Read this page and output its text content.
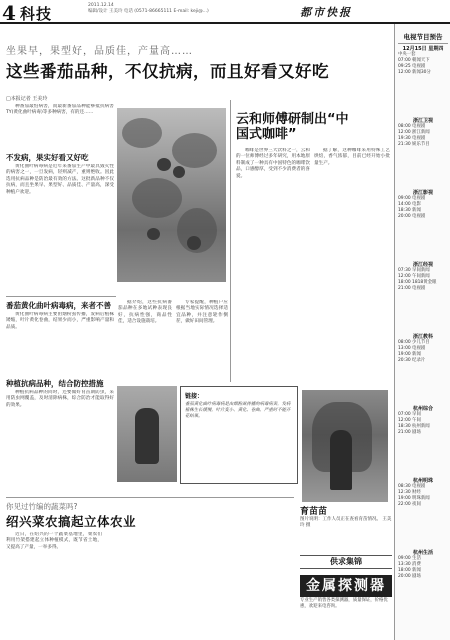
4 科技	2011.12.14
编辑/设计 王美玲 电话 (0571-86665111 E-mail: keji@...)	都市快报
坐果早，果型好，品质佳，产量高……
这些番茄品种，不仅抗病，而且好看又好吃
□本报记者 王美玲

种番茄最怕病害，而最新番茄品种能够抵抗病害TY(黄化曲叶病毒)等多种病害，有的还……

不发病，果实好看又好吃

黄化曲叶病毒病是近年来番茄生产中最具毁灭性的病害之一，一旦发病，轻则减产，重则绝收。因此选用抗病品种是防治最有效的方法。这批新品种不仅抗病，而且坐果早、果型好、品质佳、产量高，深受种植户欢迎。

云和师傅研制出“中国式咖啡”

咖啡是世界三大饮料之一，云和的一位师傅经过多年研究，用本地原料制成了一种具有中国特色的咖啡饮品，口感醇厚，受到不少消费者的喜爱。

据了解，这种咖啡采用特殊工艺烘焙，香气浓郁，目前已经开始小批量生产。

番茄黄化曲叶病毒病，来者不善

黄化曲叶病毒病主要由烟粉虱传播，发病后植株矮缩，叶片黄化卷曲，结果少而小，严重影响产量和品质。

据介绍，这些抗病番茄品种在多地试种表现良好，抗病性强，商品性佳，适合设施栽培。

专家提醒，种植户应根据当地实际情况选择适宜品种，并注意轮作倒茬，做好田间管理。

种植抗病品种，结合防控措施

种植抗病品种的同时，还要做好育苗期防虫，采用防虫网覆盖，及时清除病株，综合防治才能取得好的效果。

链接：
番茄黄化曲叶病毒病是由烟粉虱传播的病毒病害，发病植株生长缓慢，叶片变小、黄化、卷曲，严重时不能开花结果。
育苗苗
图片说明：工作人员正在查看育苗情况。 王美玲 摄
你见过竹编的蔬菜吗?
绍兴菜农搞起立体农业

近日，在绍兴的一个蔬菜基地里，菜农们利用竹架搭建起立体种植模式，既节省土地，又提高了产量，一举多得。

供求集锦
金属探测器
专业生产销售各类探测器，质量保证，价格优惠，欢迎来电咨询。
电视节目预告
12月15日 星期四
中央一套
07:00 朝闻天下
09:25 电视剧
12:00 新闻30分
浙江卫视
08:00 电视剧
12:00 浙江新闻
19:30 电视剧
21:30 娱乐节目
浙江影视
09:00 电视剧
14:00 电影
18:30 新闻
20:00 电视剧
浙江经视
07:30 早间新闻
12:00 午间新闻
18:00 1818黄金眼
21:00 电视剧
浙江教科
08:00 少儿节目
13:00 电视剧
19:00 新闻
20:30 纪录片
杭州综合
07:00 早间
12:00 午间
18:30 杭州新闻
21:00 剧场
杭州明珠
08:30 电视剧
12:30 财经
19:00 明珠新闻
22:00 夜间
杭州生活
09:00 生活
13:30 消费
18:00 新闻
20:00 剧场
